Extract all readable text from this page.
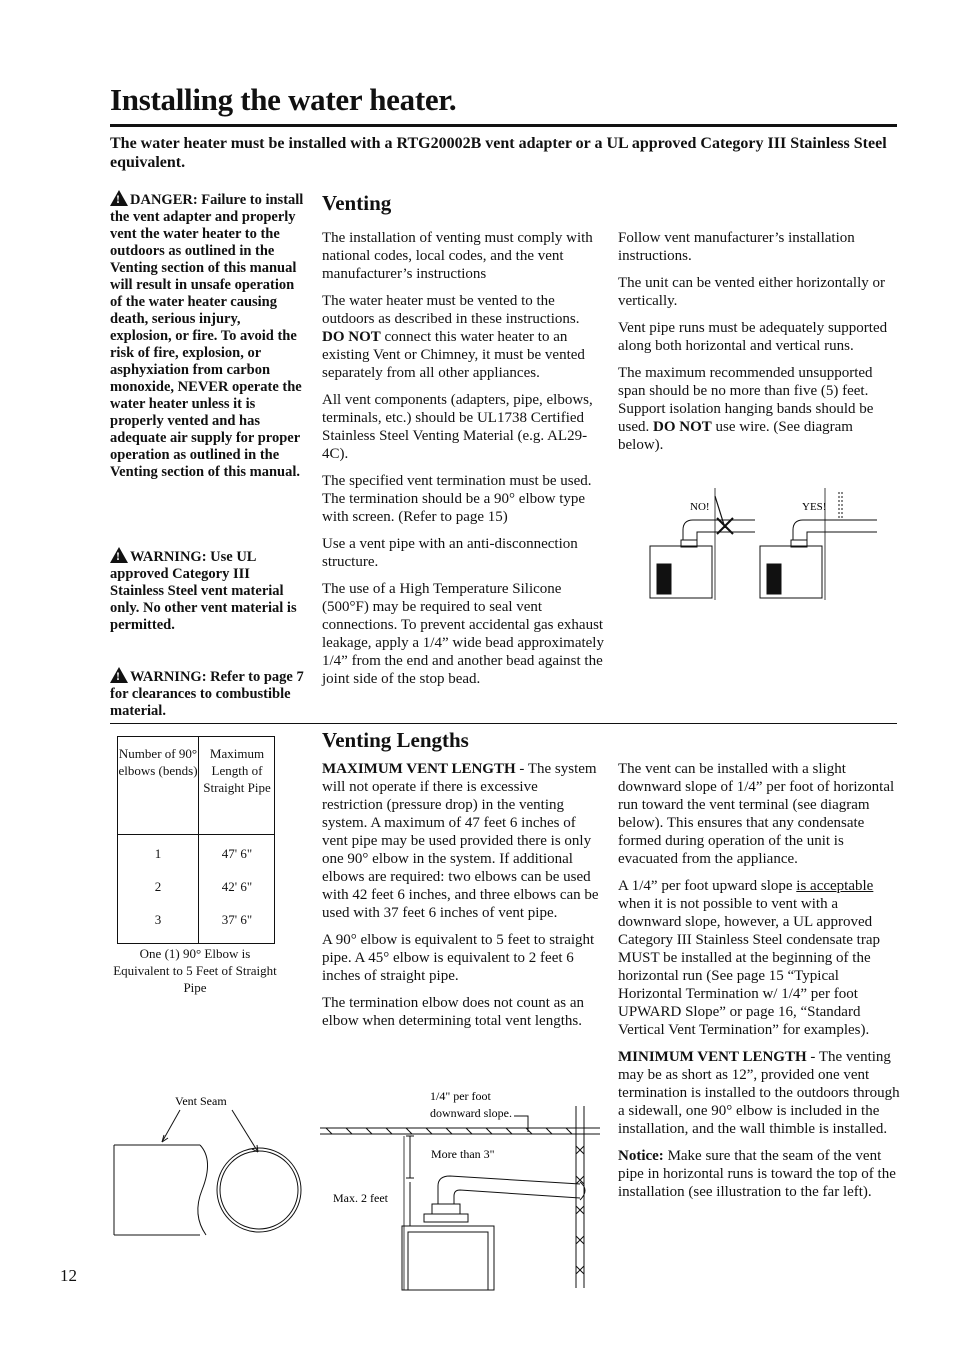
Installing the water heater.
The water heater must be installed with a RTG20002B vent adapter or a UL approved Category III Stainless Steel equivalent.
!DANGER: Failure to install the vent adapter and properly vent the water heater to the outdoors as outlined in the Venting section of this manual will result in unsafe operation of the water heater causing death, serious injury, explosion, or fire. To avoid the risk of fire, explosion, or asphyxiation from carbon monoxide, NEVER operate the water heater unless it is properly vented and has adequate air supply for proper operation as outlined in the Venting section of this manual.
!WARNING: Use UL approved Category III Stainless Steel vent material only. No other vent material is permitted.
!WARNING: Refer to page 7 for clearances to combustible material.
Venting

The installation of venting must comply with national codes, local codes, and the vent manufacturer’s instructions

The water heater must be vented to the outdoors as described in these instructions. DO NOT connect this water heater to an existing Vent or Chimney, it must be vented separately from all other appliances.

All vent components (adapters, pipe, elbows, terminals, etc.) should be UL1738 Certified Stainless Steel Venting Material (e.g. AL29-4C).

The specified vent termination must be used. The termination should be a 90° elbow type with screen. (Refer to page 15)

Use a vent pipe with an anti-disconnection structure.

The use of a High Temperature Silicone (500°F) may be required to seal vent connections. To prevent accidental gas exhaust leakage, apply a 1/4” wide bead approximately 1/4” from the end and another bead against the joint side of the stop bead.

Follow vent manufacturer’s installation instructions.

The unit can be vented either horizontally or vertically.

Vent pipe runs must be adequately supported along both horizontal and vertical runs.

The maximum recommended unsupported span should be no more than five (5) feet. Support isolation hanging bands should be used. DO NOT use wire. (See diagram below).

NO!	YES!
Number of 90° elbows (bends)
Maximum Length of Straight Pipe
1	47' 6"
2	42' 6"
3	37' 6"
One (1) 90° Elbow is Equivalent to 5 Feet of Straight Pipe
Venting Lengths

MAXIMUM VENT LENGTH - The system will not operate if there is excessive restriction (pressure drop) in the venting system. A maximum of 47 feet 6 inches of vent pipe may be used provided there is only one 90° elbow in the system. If additional elbows are required: two elbows can be used with 42 feet 6 inches, and three elbows can be used with 37 feet 6 inches of vent pipe.

A 90° elbow is equivalent to 5 feet to straight pipe. A 45° elbow is equivalent to 2 feet 6 inches of straight pipe.

The termination elbow does not count as an elbow when determining total vent lengths.

The vent can be installed with a slight downward slope of 1/4” per foot of horizontal run toward the vent terminal (see diagram below). This ensures that any condensate formed during operation of the unit is evacuated from the appliance.

A 1/4” per foot upward slope is acceptable when it is not possible to vent with a downward slope, however, a UL approved Category III Stainless Steel condensate trap MUST be installed at the beginning of the horizontal run (See page 15 “Typical Horizontal Termination w/ 1/4” per foot UPWARD Slope” or page 16, “Standard Vertical Vent Termination” for examples).

MINIMUM VENT LENGTH - The venting may be as short as 12”, provided one vent termination is installed to the outdoors through a sidewall, one 90° elbow is included in the installation, and the wall thimble is installed.

Notice: Make sure that the seam of the vent pipe in horizontal runs is toward the top of the installation (see illustration to the far left).

Vent Seam	1/4" per foot
downward slope.
More than 3"
Max. 2 feet
12
